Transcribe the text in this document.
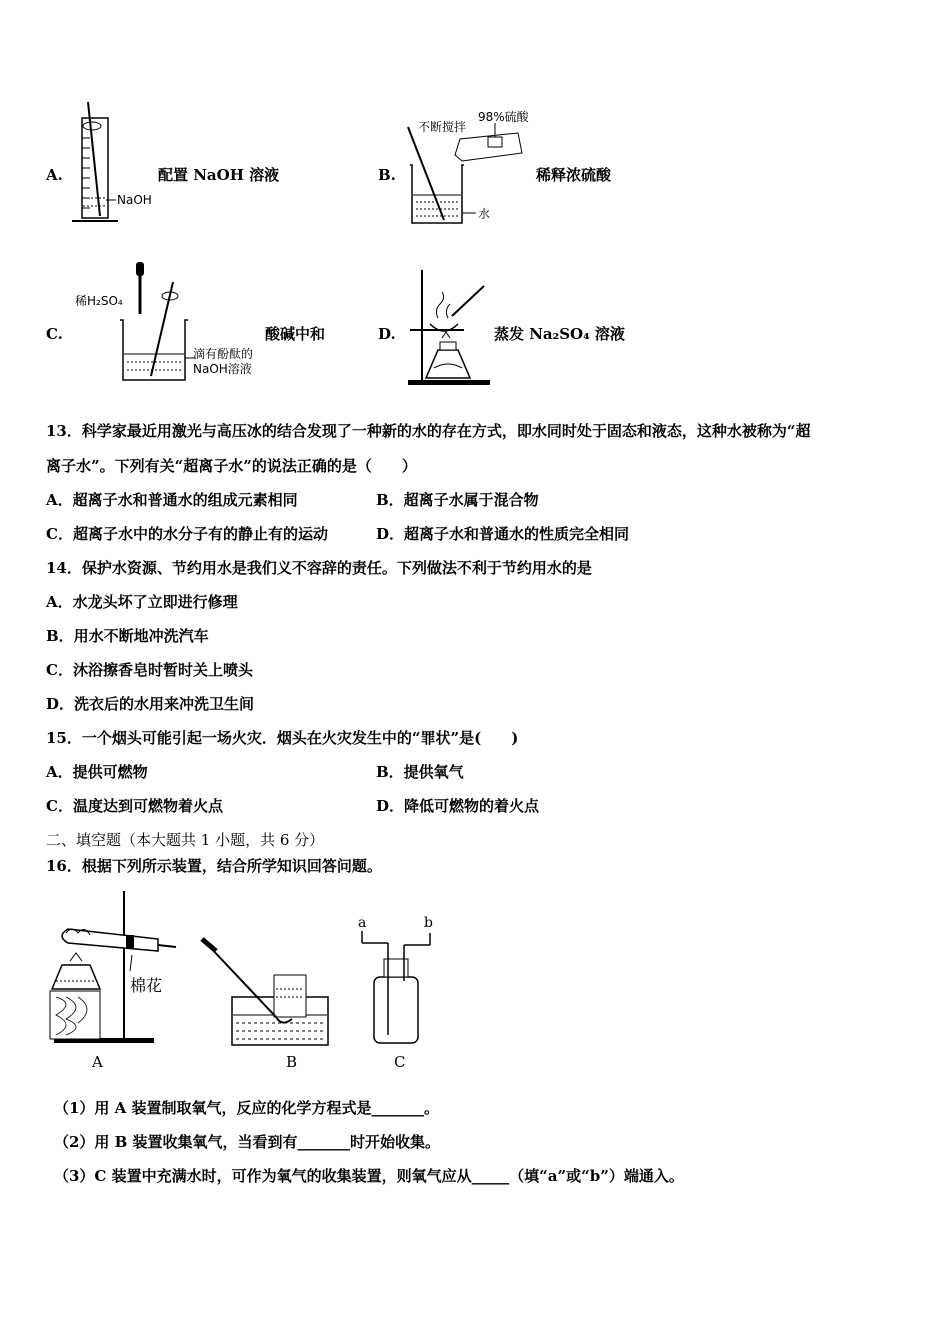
A.
NaOH
配置 NaOH 溶液	B.
不断搅拌
98%硫酸
水
稀释浓硫酸
C.
稀H₂SO₄
滴有酚酞的
NaOH溶液
酸碱中和	D.	蒸发 Na₂SO₄ 溶液
13．科学家最近用激光与高压冰的结合发现了一种新的水的存在方式，即水同时处于固态和液态，这种水被称为“超
离子水”。下列有关“超离子水”的说法正确的是（　　）
A．超离子水和普通水的组成元素相同	B．超离子水属于混合物
C．超离子水中的水分子有的静止有的运动	D．超离子水和普通水的性质完全相同
14．保护水资源、节约用水是我们义不容辞的责任。下列做法不利于节约用水的是
A．水龙头坏了立即进行修理
B．用水不断地冲洗汽车
C．沐浴擦香皂时暂时关上喷头
D．洗衣后的水用来冲洗卫生间
15．一个烟头可能引起一场火灾．烟头在火灾发生中的“罪状”是(　　)
A．提供可燃物	B．提供氧气
C．温度达到可燃物着火点	D．降低可燃物的着火点
二、填空题（本大题共 1 小题，共 6 分）
16．根据下列所示装置，结合所学知识回答问题。
棉花
A	B	C
a	b
（1）用 A 装置制取氧气，反应的化学方程式是_______。
（2）用 B 装置收集氧气，当看到有_______时开始收集。
（3）C 装置中充满水时，可作为氧气的收集装置，则氧气应从_____（填“a”或“b”）端通入。
